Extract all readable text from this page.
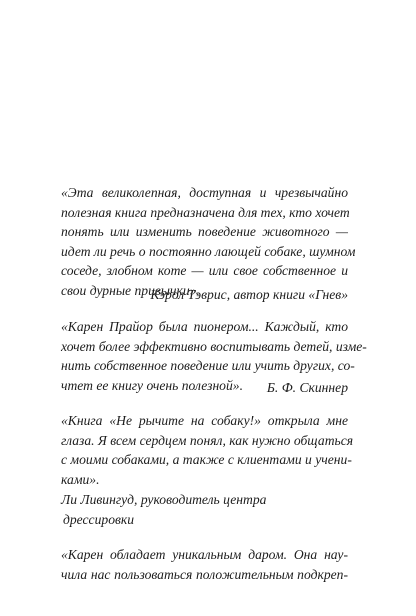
«Эта великолепная, доступная и чрезвычайно
полезная книга предназначена для тех, кто хочет
понять или изменить поведение животного —
идет ли речь о постоянно лающей собаке, шумном
соседе, злобном коте — или свое собственное и
свои дурные привычки».
Кэрол Тэврис, автор книги «Гнев»
«Карен Прайор была пионером... Каждый, кто
хочет более эффективно воспитывать детей, изме-
нить собственное поведение или учить других, со-
чтет ее книгу очень полезной».	Б. Ф. Скиннер
«Книга «Не рычите на собаку!» открыла мне
глаза. Я всем сердцем понял, как нужно общаться
с моими собаками, а также с клиентами и учени-
ками».
Ли Ливингуд, руководитель центра
дрессировки
«Карен обладает уникальным даром. Она нау-
чила нас пользоваться положительным подкреп-
